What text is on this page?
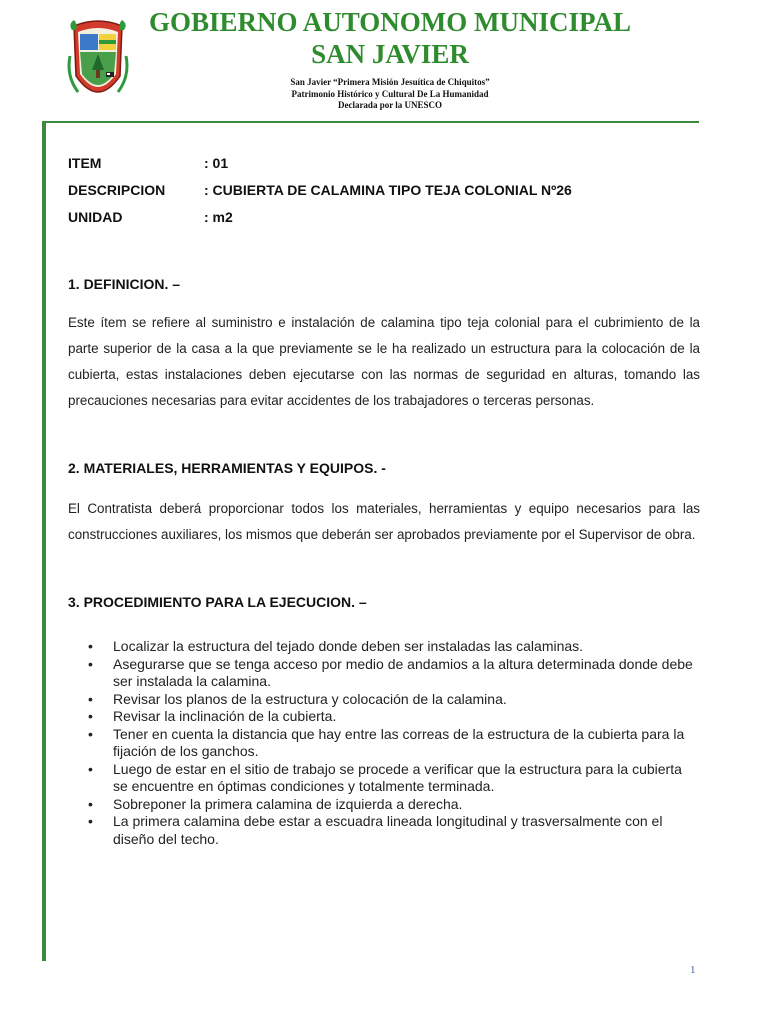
GOBIERNO AUTONOMO MUNICIPAL
SAN JAVIER
San Javier “Primera Misión Jesuítica de Chiquitos”
Patrimonio Histórico y Cultural De La Humanidad
Declarada por la UNESCO
ITEM	: 01
DESCRIPCION	: CUBIERTA DE CALAMINA TIPO TEJA COLONIAL Nº26
UNIDAD	: m2
1. DEFINICION. –
Este ítem se refiere al suministro e instalación de calamina tipo teja colonial para el cubrimiento de la parte superior de la casa a la que previamente se le ha realizado un estructura para la colocación de la cubierta, estas instalaciones deben ejecutarse con las normas de seguridad en alturas, tomando las precauciones necesarias para evitar accidentes de los trabajadores o terceras personas.
2. MATERIALES, HERRAMIENTAS Y EQUIPOS. -
El Contratista deberá proporcionar todos los materiales, herramientas y equipo necesarios para las construcciones auxiliares, los mismos que deberán ser aprobados previamente por el Supervisor de obra.
3. PROCEDIMIENTO PARA LA EJECUCION. –
• Localizar la estructura del tejado donde deben ser instaladas las calaminas.
• Asegurarse que se tenga acceso por medio de andamios a la altura determinada donde debe ser instalada la calamina.
• Revisar los planos de la estructura y colocación de la calamina.
• Revisar la inclinación de la cubierta.
• Tener en cuenta la distancia que hay entre las correas de la estructura de la cubierta para la fijación de los ganchos.
• Luego de estar en el sitio de trabajo se procede a verificar que la estructura para la cubierta se encuentre en óptimas condiciones y totalmente terminada.
• Sobreponer la primera calamina de izquierda a derecha.
• La primera calamina debe estar a escuadra lineada longitudinal y trasversalmente con el diseño del techo.
1
